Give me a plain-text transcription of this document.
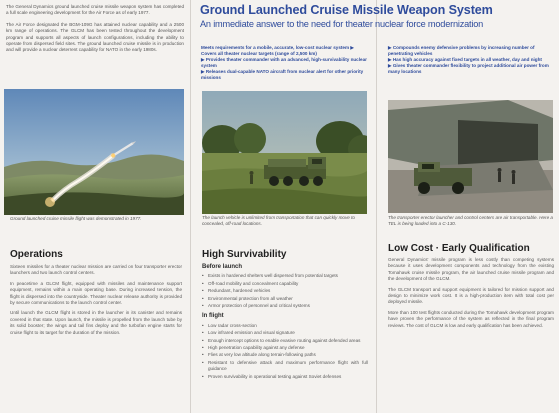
The General Dynamics ground launched cruise missile weapon system has completed a full scale engineering development for the Air Force as of early 1977.

The Air Force designated the BGM-109G has attained nuclear capability and a 2500 km range of operations. The GLCM has been tested throughout the development program and supports all aspects of launch configurations, including the ability to operate from dispersed field sites. The ground launched cruise missile is in production and will provide a nuclear deterrent capability for NATO in the early 1980s.

Ground launched cruise missile flight was demonstrated in 1977.
Ground Launched Cruise Missile Weapon System
An immediate answer to the need for theater nuclear force modernization
Meets requirements for a mobile, accurate, low-cost nuclear system ▶ Covers all theater nuclear targets (range of 2,500 km)
▶ Provides theater commander with an advanced, high-survivability nuclear system
▶ Releases dual-capable NATO aircraft from nuclear alert for other priority missions
▶ Compounds enemy defensive problems by increasing number of penetrating vehicles
▶ Has high accuracy against fixed targets in all weather, day and night
▶ Gives theater commander flexibility to project additional air power from many locations
The launch vehicle is unlimited from transportation that can quickly move to concealed, off-road locations.
The transporter erector launcher and control centers are air transportable. Here a TEL is being loaded into a C-130.
Operations

Sixteen missiles for a theater nuclear mission are carried on four transporter erector launchers and two launch control centers.

In peacetime a GLCM flight, equipped with missiles and maintenance support equipment, remains within a main operating base. During increased tension, the flight is dispersed into the countryside. Theater nuclear release authority is provided by secure communications to the launch control center.

Until launch the GLCM flight is stored in the launcher in its canister and remains covered in that state. Upon launch, the missile is propelled from the launch tube by its solid booster; the wings and tail fins deploy and the turbofan engine starts for cruise flight to its target for the duration of the mission.

High Survivability
Before launch
• Exists in hardened shelters well dispersed from potential targets
• Off-road mobility and concealment capability
• Redundant, hardened vehicles
• Environmental protection from all weather
• Armor protection of personnel and critical systems
In flight
• Low radar cross-section
• Low infrared emission and visual signature
• Enough intercept options to enable evasive routing against defended areas
• High penetration capability against any defense
• Flies at very low altitude along terrain-following paths
• Resistant to defensive attack and maximum performance flight with full guidance
• Proven survivability in operational testing against Soviet defenses
Low Cost · Early Qualification

General Dynamics' missile program is less costly than competing systems because it uses development components and technology from the existing Tomahawk cruise missile program, the air launched cruise missile program and the development of the GLCM.

The GLCM transport and support equipment is tailored for mission support and design to minimize work cost. It is a high-production item with total cost per deployed missile.

More than 100 test flights conducted during the Tomahawk development program have proven the performance of the system as reflected in the final program reviews. The cost of GLCM is low and early qualification has been achieved.
